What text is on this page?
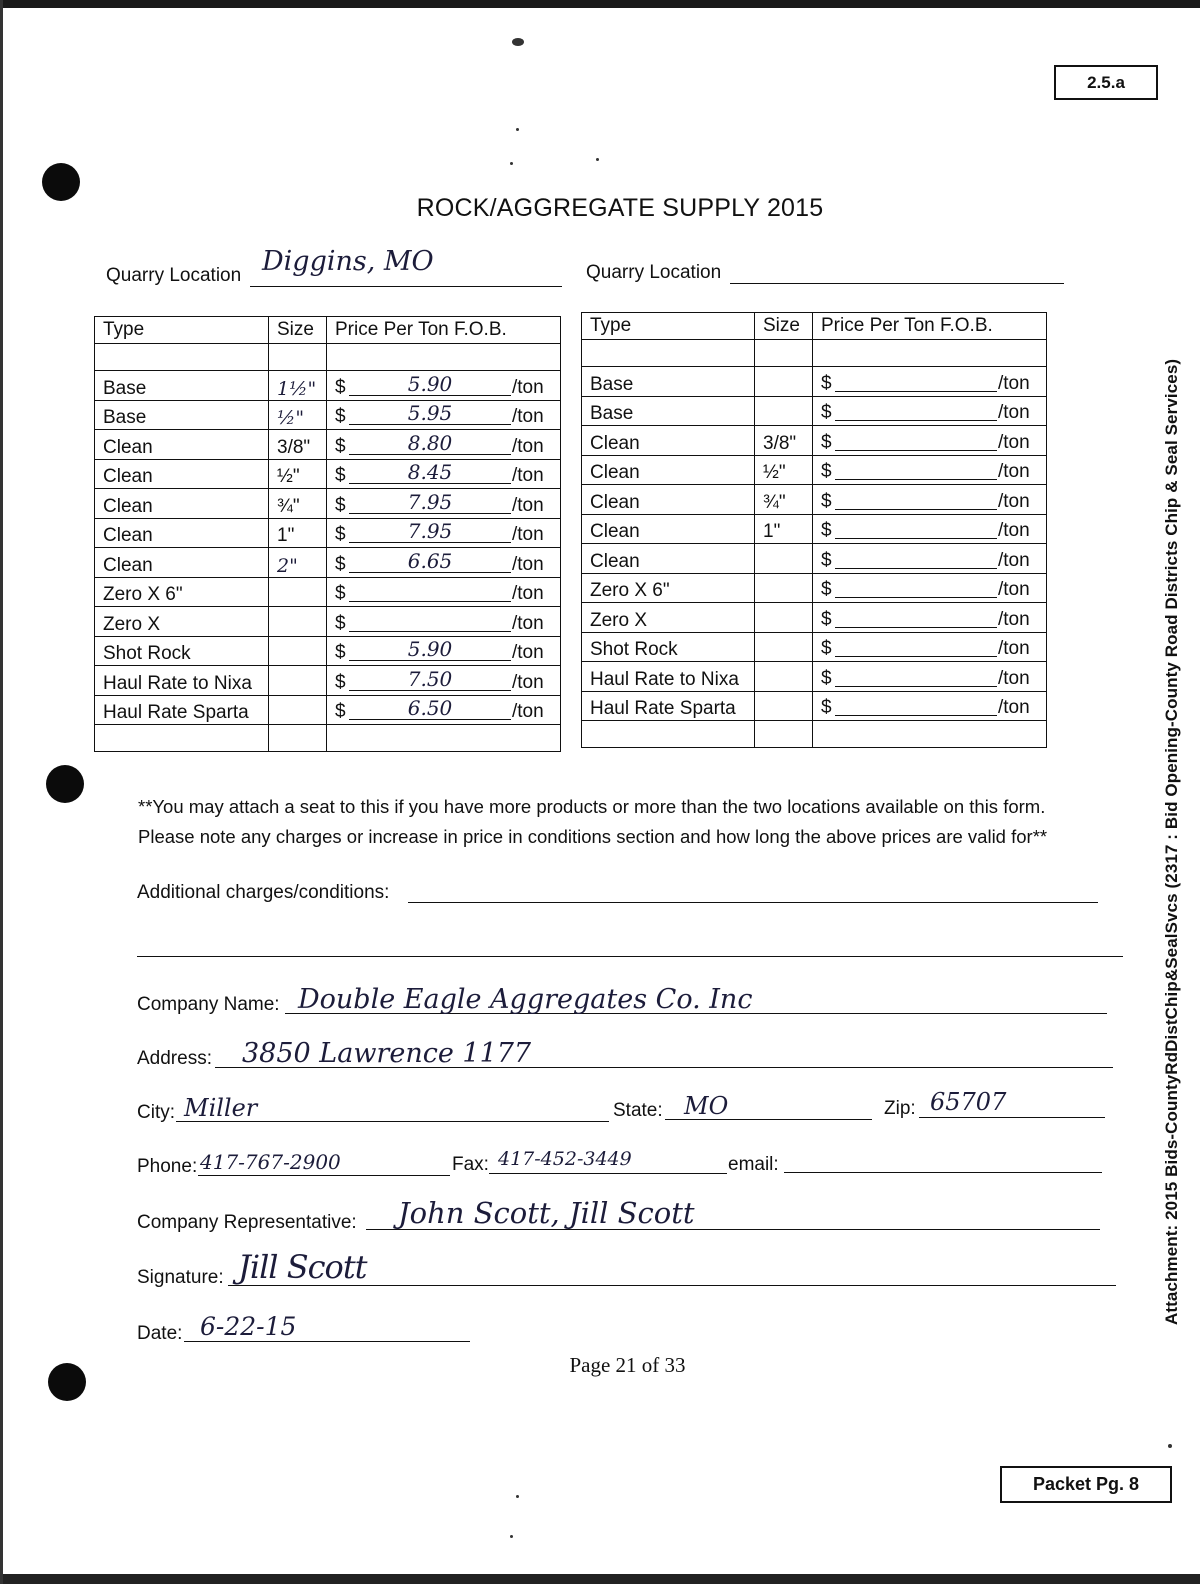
2.5.a
ROCK/AGGREGATE SUPPLY 2015
Quarry Location Diggins, MO	Quarry Location
Type	Size	Price Per Ton F.O.B.

Base	1½"	$ 5.90 /ton

Base	½"	$ 5.95 /ton

Clean	3/8"	$ 8.80 /ton

Clean	½"	$ 8.45 /ton

Clean	¾"	$ 7.95 /ton

Clean	1"	$ 7.95 /ton

Clean	2"	$ 6.65 /ton

Zero X 6"		$ /ton

Zero X		$ /ton

Shot Rock		$ 5.90 /ton

Haul Rate to Nixa		$ 7.50 /ton

Haul Rate Sparta		$ 6.50 /ton

Type	Size	Price Per Ton F.O.B.

Base		$ /ton

Base		$ /ton

Clean	3/8"	$ /ton

Clean	½"	$ /ton

Clean	¾"	$ /ton

Clean	1"	$ /ton

Clean		$ /ton

Zero X 6"		$ /ton

Zero X		$ /ton

Shot Rock		$ /ton

Haul Rate to Nixa		$ /ton

Haul Rate Sparta		$ /ton

**You may attach a seat to this if you have more products or more than the two locations available on this form.
Please note any charges or increase in price in conditions section and how long the above prices are valid for**
Additional charges/conditions:
Company Name: Double Eagle Aggregates Co. Inc
Address: 3850 Lawrence 1177
City: Miller	State: MO	Zip: 65707
Phone: 417-767-2900	Fax: 417-452-3449	email:
Company Representative: John Scott, Jill Scott
Signature: Jill Scott
Date: 6-22-15
Page 21 of 33
Packet Pg. 8
Attachment: 2015 Bids-CountyRdDistChip&SealSvcs (2317 : Bid Opening-County Road Districts Chip & Seal Services)
